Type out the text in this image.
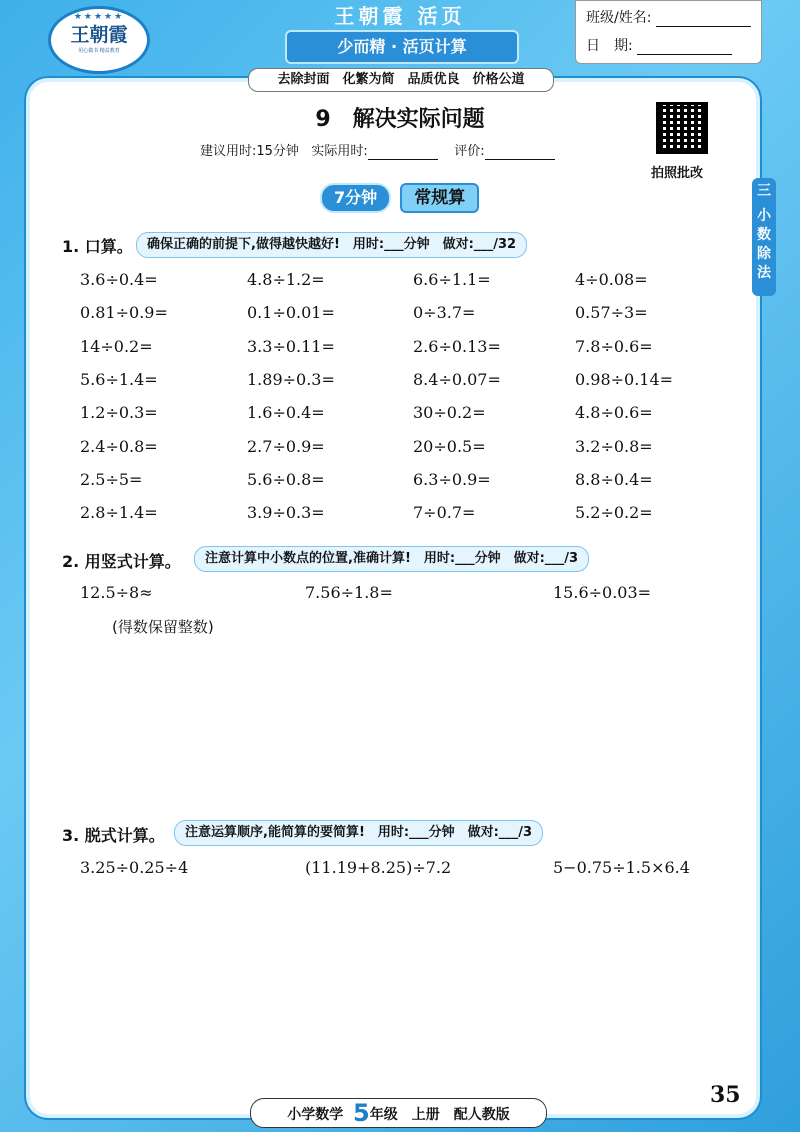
★★★★★
王朝霞
用心做书 精益教育
王朝霞 活页
少而精 · 活页计算
班级/姓名:
日　期:
去除封面　化繁为简　品质优良　价格公道
9　解决实际问题
建议用时:15分钟 实际用时:	评价:
拍照批改
三
小
数
除
法
7分钟 常规算
1. 口算。	确保正确的前提下,做得越快越好!　用时:___分钟　做对:___/32
3.6÷0.4=	4.8÷1.2=	6.6÷1.1=	4÷0.08=
0.81÷0.9=	0.1÷0.01=	0÷3.7=	0.57÷3=
14÷0.2=	3.3÷0.11=	2.6÷0.13=	7.8÷0.6=
5.6÷1.4=	1.89÷0.3=	8.4÷0.07=	0.98÷0.14=
1.2÷0.3=	1.6÷0.4=	30÷0.2=	4.8÷0.6=
2.4÷0.8=	2.7÷0.9=	20÷0.5=	3.2÷0.8=
2.5÷5=	5.6÷0.8=	6.3÷0.9=	8.8÷0.4=
2.8÷1.4=	3.9÷0.3=	7÷0.7=	5.2÷0.2=
2. 用竖式计算。	注意计算中小数点的位置,准确计算!　用时:___分钟　做对:___/3
12.5÷8≈	7.56÷1.8=	15.6÷0.03=
(得数保留整数)
3. 脱式计算。	注意运算顺序,能简算的要简算!　用时:___分钟　做对:___/3
3.25÷0.25÷4	(11.19+8.25)÷7.2	5−0.75÷1.5×6.4
小学数学 5年级　上册　配人教版
35
